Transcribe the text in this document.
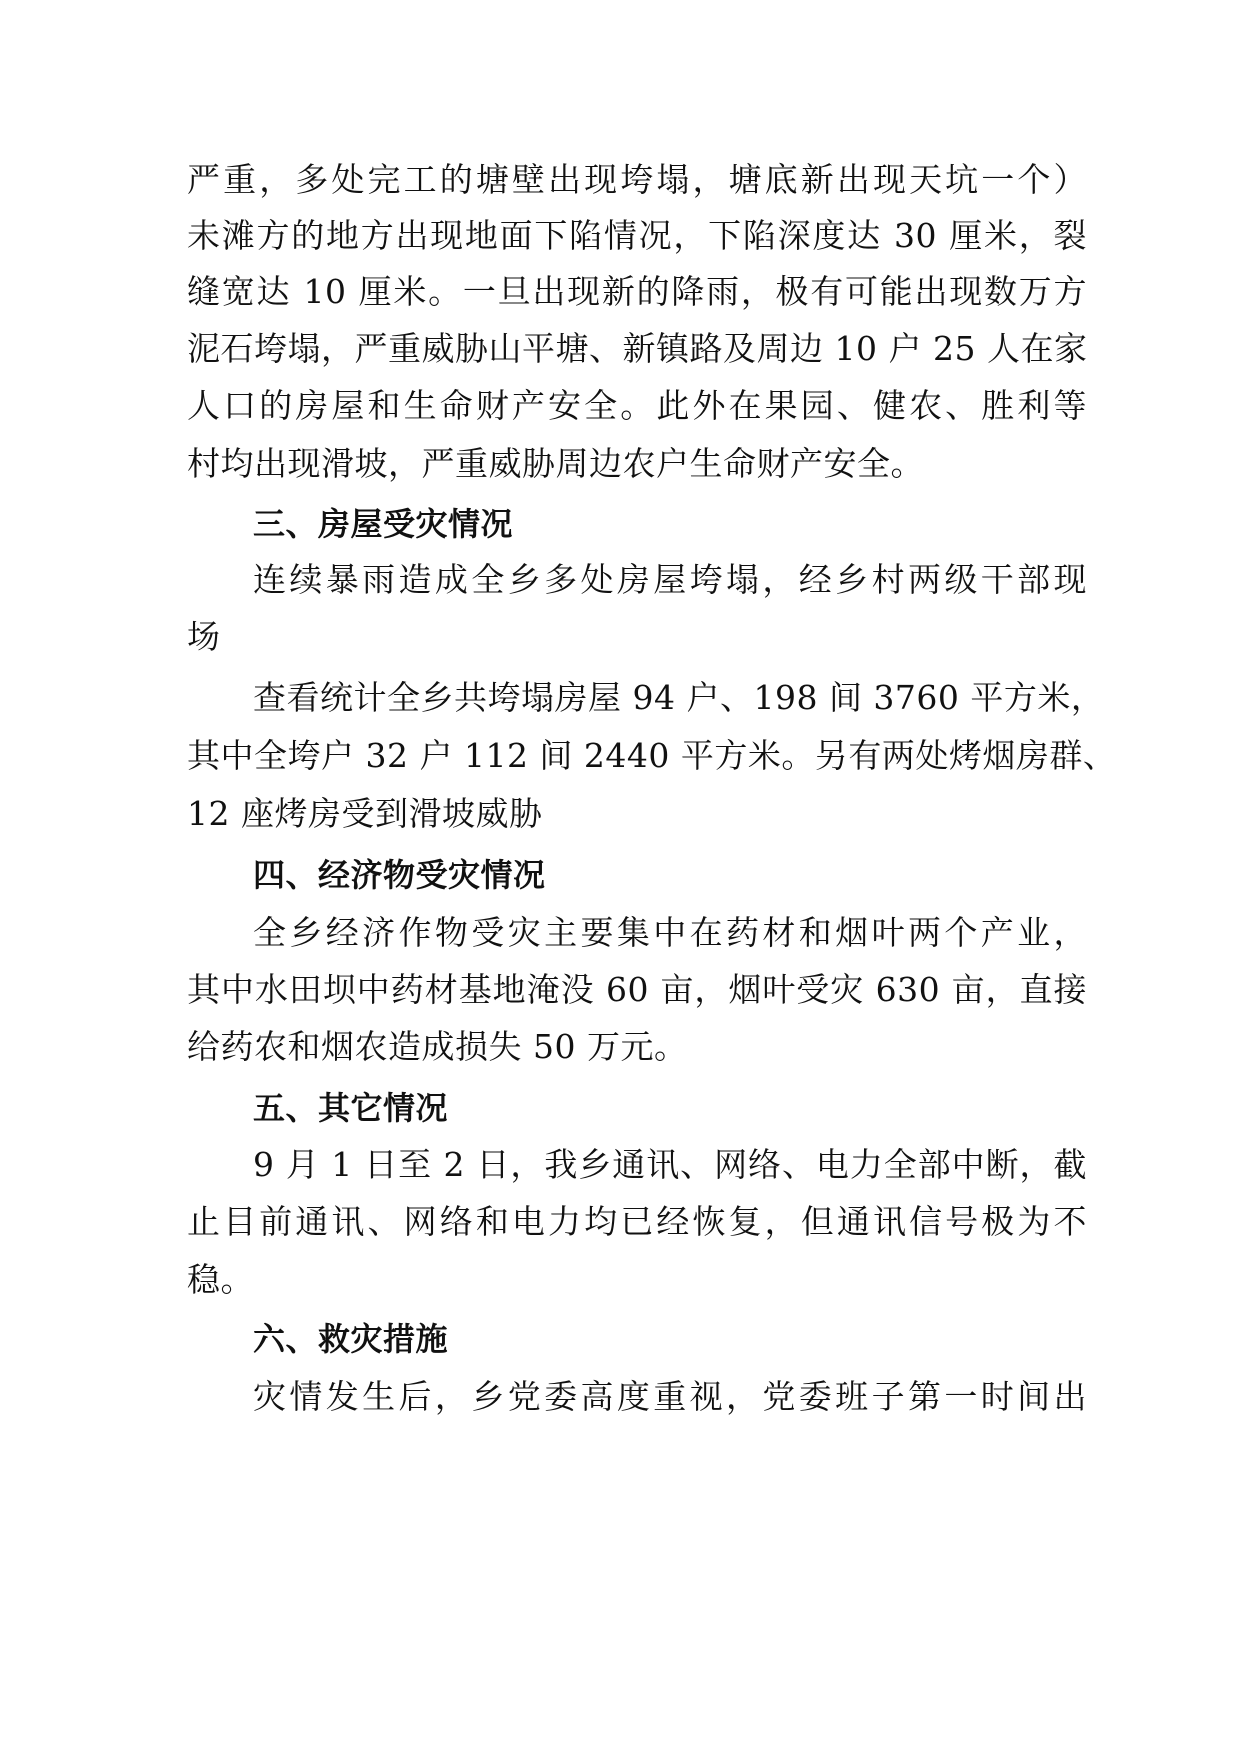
严重，多处完工的塘壁出现垮塌，塘底新出现天坑一个）
未滩方的地方出现地面下陷情况，下陷深度达 30 厘米，裂
缝宽达 10 厘米。一旦出现新的降雨，极有可能出现数万方
泥石垮塌，严重威胁山平塘、新镇路及周边 10 户 25 人在家
人口的房屋和生命财产安全。此外在果园、健农、胜利等
村均出现滑坡，严重威胁周边农户生命财产安全。
三、房屋受灾情况
连续暴雨造成全乡多处房屋垮塌，经乡村两级干部现
场
查看统计全乡共垮塌房屋 94 户、198 间 3760 平方米，
其中全垮户 32 户 112 间 2440 平方米。另有两处烤烟房群、
12 座烤房受到滑坡威胁
四、经济物受灾情况
全乡经济作物受灾主要集中在药材和烟叶两个产业，
其中水田坝中药材基地淹没 60 亩，烟叶受灾 630 亩，直接
给药农和烟农造成损失 50 万元。
五、其它情况
9 月 1 日至 2 日，我乡通讯、网络、电力全部中断，截
止目前通讯、网络和电力均已经恢复，但通讯信号极为不
稳。
六、救灾措施
灾情发生后，乡党委高度重视，党委班子第一时间出
